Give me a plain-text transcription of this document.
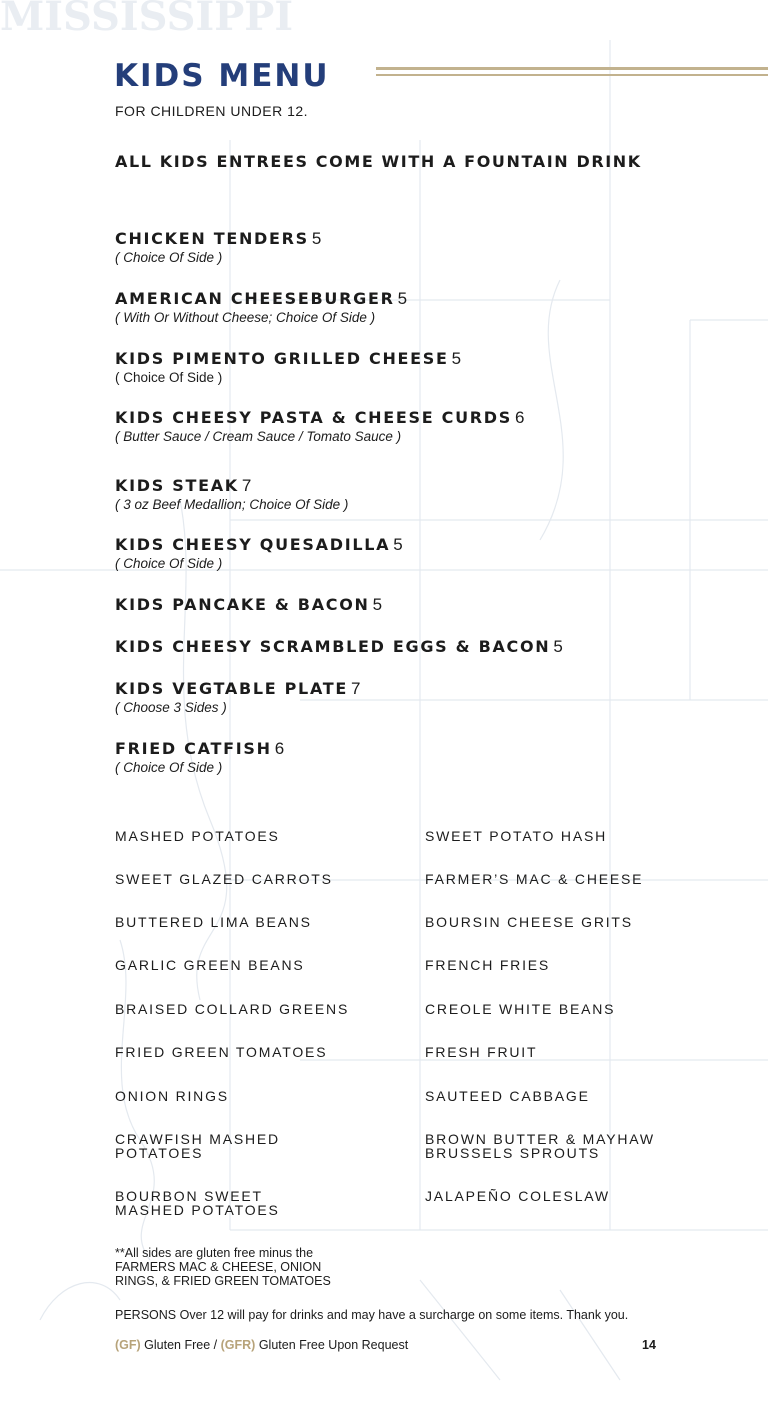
MISSISSIPPI
KIDS MENU
FOR CHILDREN UNDER 12.
ALL KIDS ENTREES COME WITH A FOUNTAIN DRINK
CHICKEN TENDERS 5
( Choice Of Side )
AMERICAN CHEESEBURGER 5
( With Or Without Cheese; Choice Of Side )
KIDS PIMENTO GRILLED CHEESE 5
( Choice Of Side )
KIDS CHEESY PASTA & CHEESE CURDS 6
( Butter Sauce / Cream Sauce / Tomato Sauce )
KIDS STEAK 7
( 3 oz Beef Medallion; Choice Of Side )
KIDS CHEESY QUESADILLA 5
( Choice Of Side )
KIDS PANCAKE & BACON 5
KIDS CHEESY SCRAMBLED EGGS & BACON 5
KIDS VEGTABLE PLATE 7
( Choose 3 Sides )
FRIED CATFISH 6
( Choice Of Side )
MASHED POTATOES
SWEET GLAZED CARROTS
BUTTERED LIMA BEANS
GARLIC GREEN BEANS
BRAISED COLLARD GREENS
FRIED GREEN TOMATOES
ONION RINGS
CRAWFISH MASHED
POTATOES
BOURBON SWEET
MASHED POTATOES
SWEET POTATO HASH
FARMER’S MAC & CHEESE
BOURSIN CHEESE GRITS
FRENCH FRIES
CREOLE WHITE BEANS
FRESH FRUIT
SAUTEED CABBAGE
BROWN BUTTER & MAYHAW
BRUSSELS SPROUTS
JALAPEÑO COLESLAW
**All sides are gluten free minus the
FARMERS MAC & CHEESE, ONION
RINGS, & FRIED GREEN TOMATOES
PERSONS Over 12 will pay for drinks and may have a surcharge on some items. Thank you.
(GF) Gluten Free / (GFR) Gluten Free Upon Request	14
